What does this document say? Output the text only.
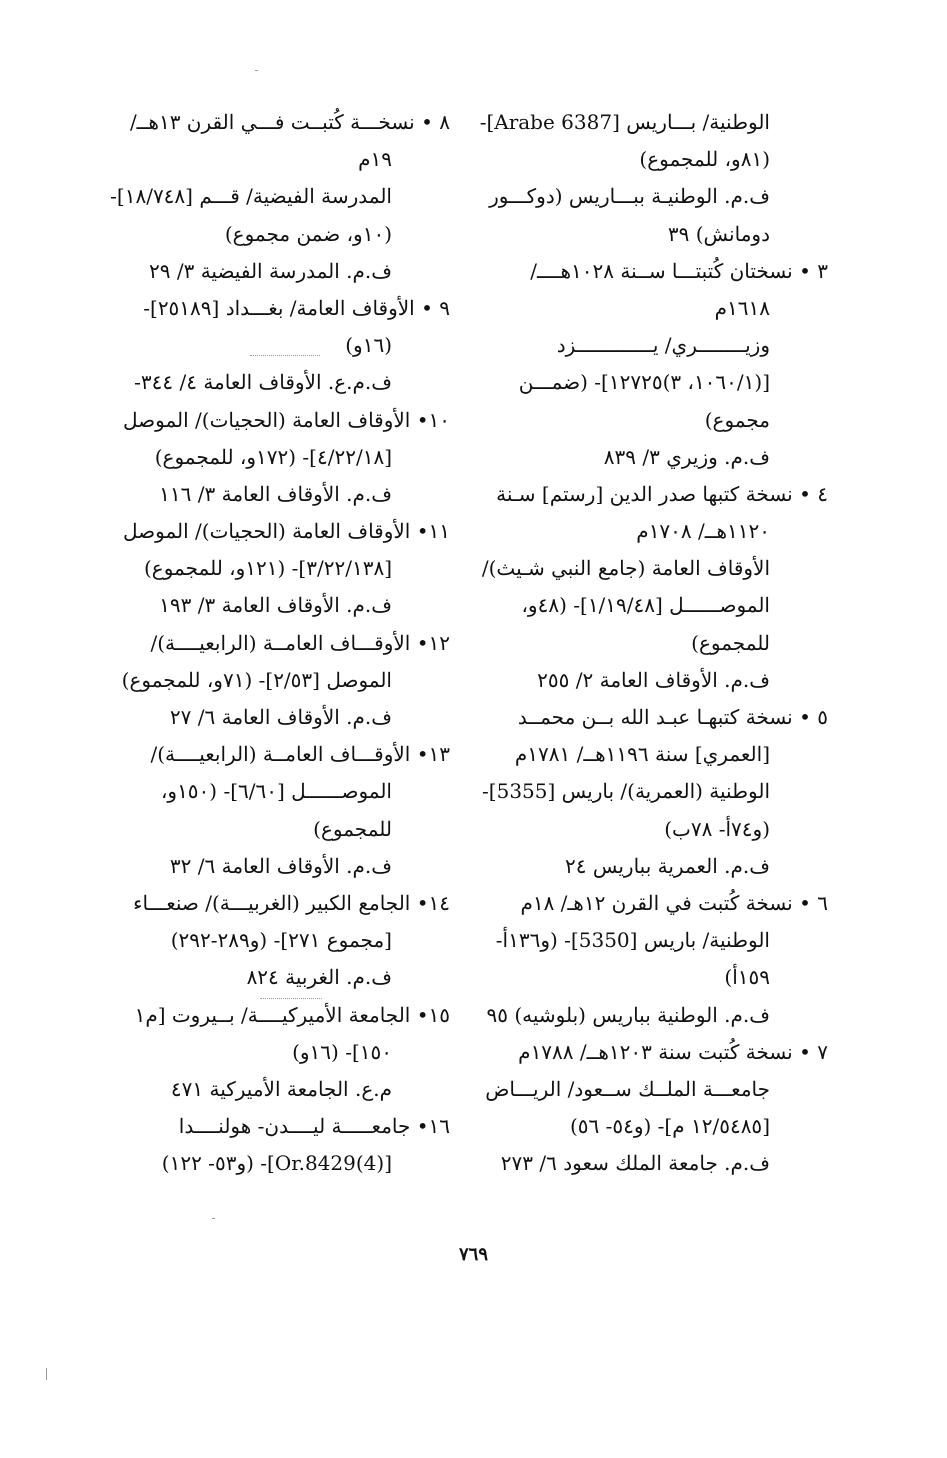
الوطنية/ بـــاريس [Arabe 6387]-
(٨١و، للمجموع)
ف.م. الوطنيـة ببـــاريس (دوكـــور
دومانش) ٣٩
٣ • نسختان كُتبتـــا ســنة ١٠٢٨هــــ/
١٦١٨م
وزيــــــــري/ يـــــــــــــزد
[(١٠٦٠/١، ٣)١٢٧٢٥]- (ضمـــن
مجموع)
ف.م. وزيري ٣/ ٨٣٩
٤ • نسخة كتبها صدر الدين [رستم] سـنة
١١٢٠هــ/ ١٧٠٨م
الأوقاف العامة (جامع النبي شـيث)/
الموصــــــل [١/١٩/٤٨]- (٤٨و،
للمجموع)
ف.م. الأوقاف العامة ٢/ ٢٥٥
٥ • نسخة كتبهـا عبـد الله بــن محمــد
[العمري] سنة ١١٩٦هــ/ ١٧٨١م
الوطنية (العمرية)/ باريس [5355]-
(و٧٤أ- ٧٨ب)
ف.م. العمرية بباريس ٢٤
٦ • نسخة كُتبت في القرن ١٢هـ/ ١٨م
الوطنية/ باريس [5350]- (و١٣٦أ-
١٥٩أ)
ف.م. الوطنية بباريس (بلوشيه) ٩٥
٧ • نسخة كُتبت سنة ١٢٠٣هــ/ ١٧٨٨م
جامعـــة الملــك ســعود/ الريـــاض
[١٢/٥٤٨٥ م]- (و٥٤- ٥٦)
ف.م. جامعة الملك سعود ٦/ ٢٧٣
٨ • نسخـــة كُتبــت فـــي القرن ١٣هــ/
١٩م
المدرسة الفيضية/ قـــم [١٨/٧٤٨]-
(١٠و، ضمن مجموع)
ف.م. المدرسة الفيضية ٣/ ٢٩
٩ • الأوقاف العامة/ بغـــداد [٢٥١٨٩]-
(١٦و)
ف.م.ع. الأوقاف العامة ٤/ ٣٤٤-
١٠• الأوقاف العامة (الحجيات)/ الموصل
[٤/٢٢/١٨]- (١٧٢و، للمجموع)
ف.م. الأوقاف العامة ٣/ ١١٦
١١• الأوقاف العامة (الحجيات)/ الموصل
[٣/٢٢/١٣٨]- (١٢١و، للمجموع)
ف.م. الأوقاف العامة ٣/ ١٩٣
١٢• الأوقـــاف العامــة (الرابعيــــة)/
الموصل [٢/٥٣]- (٧١و، للمجموع)
ف.م. الأوقاف العامة ٦/ ٢٧
١٣• الأوقـــاف العامــة (الرابعيــــة)/
الموصــــــل [٦/٦٠]- (١٥٠و،
للمجموع)
ف.م. الأوقاف العامة ٦/ ٣٢
١٤• الجامع الكبير (الغربيـــة)/ صنعـــاء
[مجموع ٢٧١]- (و٢٨٩-٢٩٢)
ف.م. الغربية ٨٢٤
١٥• الجامعة الأميركيــــة/ بــيروت [م١
١٥٠]- (١٦و)
م.ع. الجامعة الأميركية ٤٧١
١٦• جامعـــــة ليــــدن- هولنــــدا
[Or.8429(4)]- (و٥٣- ١٢٢)
٧٦٩
